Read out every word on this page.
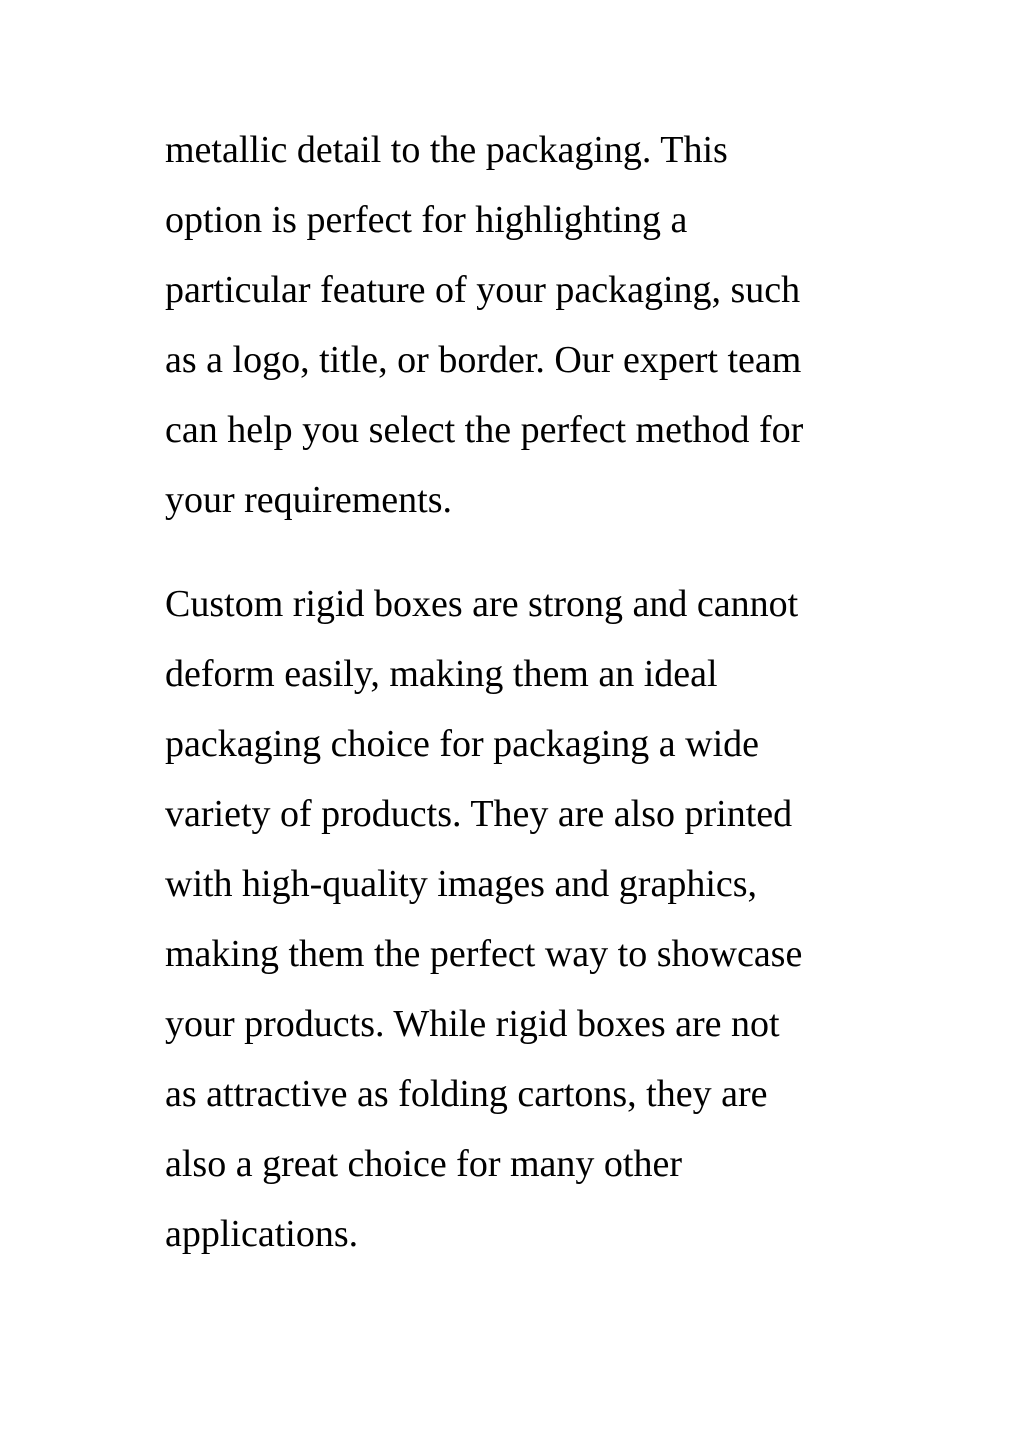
metallic detail to the packaging. This
option is perfect for highlighting a
particular feature of your packaging, such
as a logo, title, or border. Our expert team
can help you select the perfect method for
your requirements.
Custom rigid boxes are strong and cannot
deform easily, making them an ideal
packaging choice for packaging a wide
variety of products. They are also printed
with high-quality images and graphics,
making them the perfect way to showcase
your products. While rigid boxes are not
as attractive as folding cartons, they are
also a great choice for many other
applications.
